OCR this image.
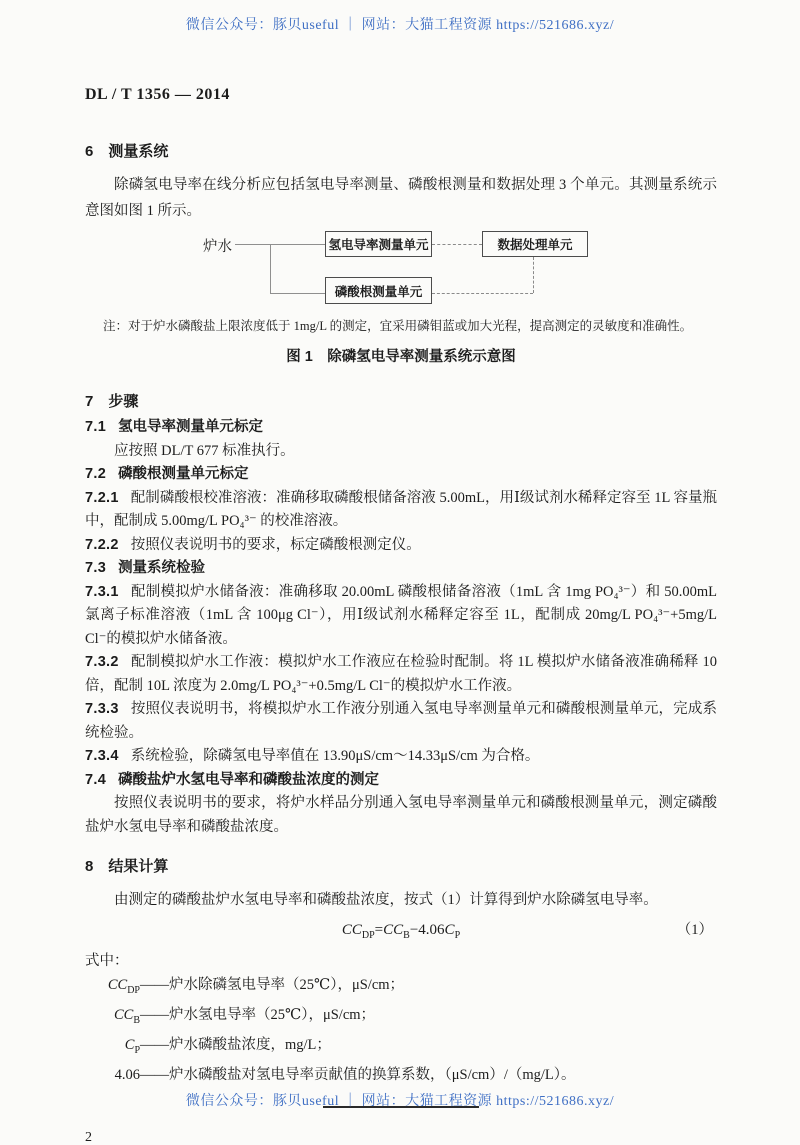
微信公众号：豚贝useful ｜ 网站：大猫工程资源 https://521686.xyz/
DL / T 1356 — 2014
6 测量系统

除磷氢电导率在线分析应包括氢电导率测量、磷酸根测量和数据处理 3 个单元。其测量系统示意图如图 1 所示。

炉水	氢电导率测量单元	数据处理单元
磷酸根测量单元
注：对于炉水磷酸盐上限浓度低于 1mg/L 的测定，宜采用磷钼蓝或加大光程，提高测定的灵敏度和准确性。
图 1　除磷氢电导率测量系统示意图
7 步骤

7.1 氢电导率测量单元标定

应按照 DL/T 677 标准执行。

7.2 磷酸根测量单元标定

7.2.1 配制磷酸根校准溶液：准确移取磷酸根储备溶液 5.00mL，用Ⅰ级试剂水稀释定容至 1L 容量瓶中，配制成 5.00mg/L PO₄³⁻ 的校准溶液。

7.2.2 按照仪表说明书的要求，标定磷酸根测定仪。

7.3 测量系统检验

7.3.1 配制模拟炉水储备液：准确移取 20.00mL 磷酸根储备溶液（1mL 含 1mg PO₄³⁻）和 50.00mL 氯离子标准溶液（1mL 含 100μg Cl⁻），用Ⅰ级试剂水稀释定容至 1L，配制成 20mg/L PO₄³⁻+5mg/L Cl⁻的模拟炉水储备液。

7.3.2 配制模拟炉水工作液：模拟炉水工作液应在检验时配制。将 1L 模拟炉水储备液准确稀释 10 倍，配制 10L 浓度为 2.0mg/L PO₄³⁻+0.5mg/L Cl⁻的模拟炉水工作液。

7.3.3 按照仪表说明书，将模拟炉水工作液分别通入氢电导率测量单元和磷酸根测量单元，完成系统检验。

7.3.4 系统检验，除磷氢电导率值在 13.90μS/cm～14.33μS/cm 为合格。

7.4 磷酸盐炉水氢电导率和磷酸盐浓度的测定

按照仪表说明书的要求，将炉水样品分别通入氢电导率测量单元和磷酸根测量单元，测定磷酸盐炉水氢电导率和磷酸盐浓度。

8 结果计算

由测定的磷酸盐炉水氢电导率和磷酸盐浓度，按式（1）计算得到炉水除磷氢电导率。

$CC_{DP}=CC_B-4.06C_P$	（1）
式中：
$CC_{DP}$ ——炉水除磷氢电导率（25℃），μS/cm；
$CC_B$ ——炉水氢电导率（25℃），μS/cm；
$C_P$ ——炉水磷酸盐浓度，mg/L；
4.06 ——炉水磷酸盐对氢电导率贡献值的换算系数，（μS/cm）/（mg/L）。
2
微信公众号：豚贝useful ｜ 网站：大猫工程资源 https://521686.xyz/
